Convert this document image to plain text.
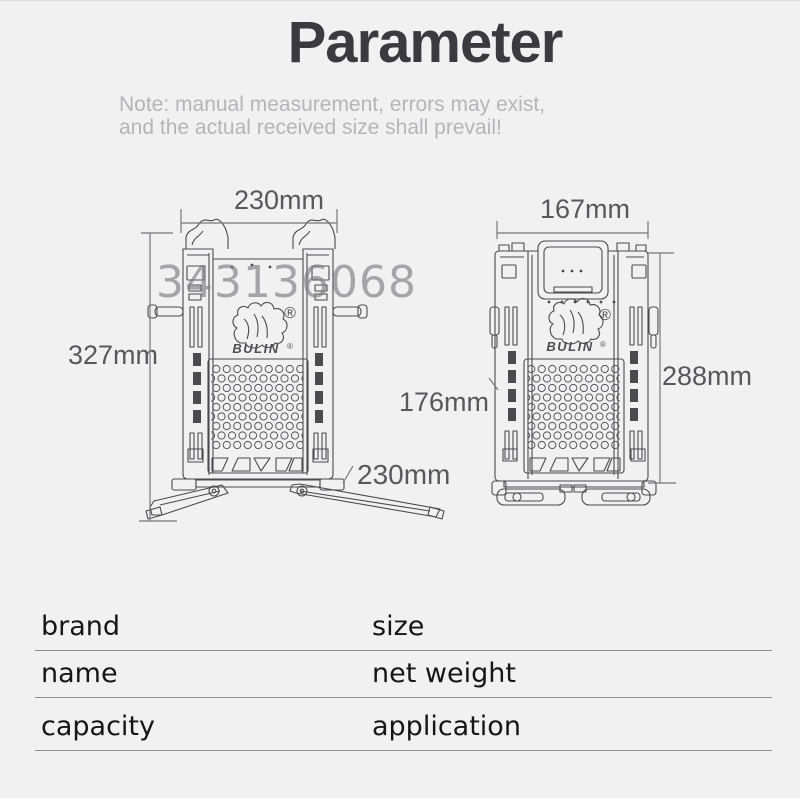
Parameter
Note: manual measurement, errors may exist,
and the actual received size shall prevail!
®
BULIN ®
®
BULIN ®
343136068
230mm
327mm
230mm
167mm
288mm
176mm
brand	size
name	net weight
capacity	application
